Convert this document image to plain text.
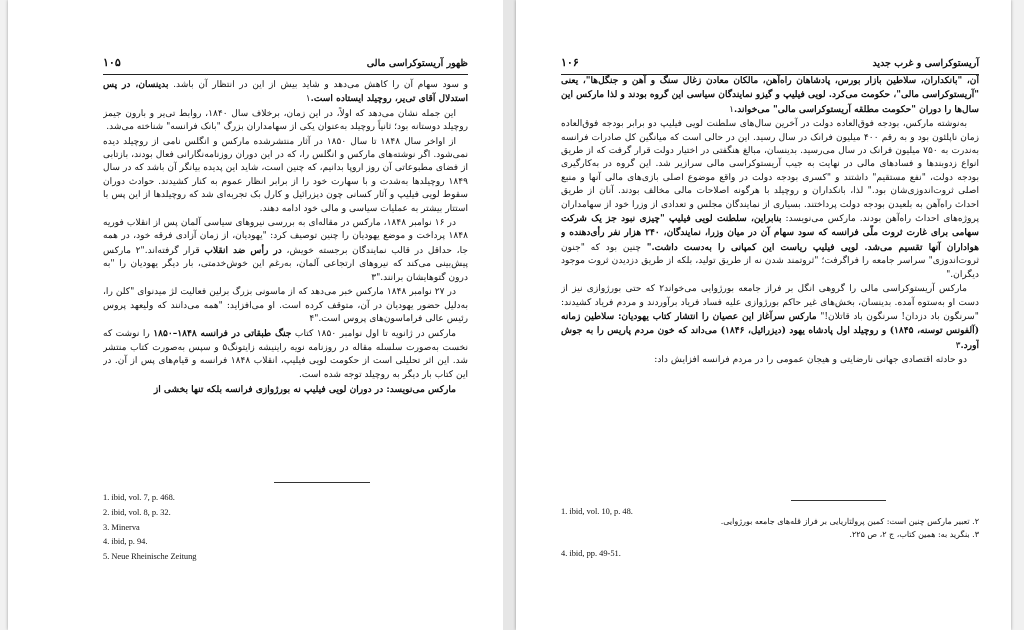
ظهور آریستوکراسی مالی
۱۰۵

و سود سهام آن را کاهش می‌دهد و شاید بیش از این در انتظار آن باشد. بدینسان، در پس استدلال آقای تی‌یر، روچیلد ایستاده است.۱

این جمله نشان می‌دهد که اولاً، در این زمان، برخلاف سال ۱۸۴۰، روابط تی‌یر و بارون جیمز روچیلد دوستانه بود؛ ثانیاً روچیلد به‌عنوان یکی از سهامداران بزرگ "بانک فرانسه" شناخته می‌شد.

از اواخر سال ۱۸۴۸ تا سال ۱۸۵۰ در آثار منتشرشده مارکس و انگلس نامی از روچیلد دیده نمی‌شود. اگر نوشته‌های مارکس و انگلس را، که در این دوران روزنامه‌نگارانی فعال بودند، بازتابی از فضای مطبوعاتی آن روز اروپا بدانیم، که چنین است، شاید این پدیده بیانگر آن باشد که در سال ۱۸۴۹ روچیلدها به‌شدت و با سهارت خود را از برابر انظار عموم به کنار کشیدند. حوادث دوران سقوط لویی فیلیپ و آثار کسانی چون دیزرائیل و کارل بک تجربه‌ای شد که روچیلدها از این پس با استتار بیشتر به عملیات سیاسی و مالی خود ادامه دهند.

در ۱۶ نوامبر ۱۸۴۸، مارکس در مقاله‌ای به بررسی نیروهای سیاسی آلمان پس از انقلاب فوریه ۱۸۴۸ پرداخت و موضع یهودیان را چنین توصیف کرد: "یهودیان، از زمان آزادی فرقه خود، در همه جا، حداقل در قالب نمایندگان برجسته خویش، در رأس ضد انقلاب قرار گرفته‌اند."۲ مارکس پیش‌بینی می‌کند که نیروهای ارتجاعی آلمان، به‌رغم این خوش‌خدمتی، بار دیگر یهودیان را "به درون گتوهایشان برانند."۳

در ۲۷ نوامبر ۱۸۴۸ مارکس خبر می‌دهد که از ماسونی بزرگ برلین فعالیت لژ میدنوای "کلن را، به‌دلیل حضور یهودیان در آن، متوقف کرده است. او می‌افزاید: "همه می‌دانند که ولیعهد پروس رئیس عالی فراماسون‌های پروس است."۴

مارکس در ژانویه تا اول نوامبر ۱۸۵۰ کتاب جنگ طبقاتی در فرانسه ۱۸۴۸–۱۸۵۰ را نوشت که نخست به‌صورت سلسله مقاله در روزنامه نویه راینیشه زایتونگ۵ و سپس به‌صورت کتاب منتشر شد. این اثر تحلیلی است از حکومت لویی فیلیپ، انقلاب ۱۸۴۸ فرانسه و قیام‌های پس از آن. در این کتاب بار دیگر به روچیلد توجه شده است.

مارکس می‌نویسد: در دوران لویی فیلیپ نه بورژوازی فرانسه بلکه تنها بخشی از

1. ibid, vol. 7, p. 468.
2. ibid, vol. 8, p. 32.
3. Minerva
4. ibid, p. 94.
5. Neue Rheinische Zeitung
آریستوکراسی و غرب جدید
۱۰۶

آن، "بانکداران، سلاطین بازار بورس، پادشاهان راه‌آهن، مالکان معادن زغال سنگ و آهن و جنگل‌ها"، یعنی "آریستوکراسی مالی"، حکومت می‌کرد. لویی فیلیپ و گیزو نمایندگان سیاسی این گروه بودند و لذا مارکس این سال‌ها را دوران "حکومت مطلقه آریستوکراسی مالی" می‌خواند.۱

به‌نوشته مارکس، بودجه فوق‌العاده دولت در آخرین سال‌های سلطنت لویی فیلیپ دو برابر بودجه فوق‌العاده زمان ناپلئون بود و به رقم ۴۰۰ میلیون فرانک در سال رسید. این در حالی است که میانگین کل صادرات فرانسه به‌ندرت به ۷۵۰ میلیون فرانک در سال می‌رسید. بدینسان، مبالغ هنگفتی در اختیار دولت قرار گرفت که از طریق انواع زدوبندها و فسادهای مالی در نهایت به جیب آریستوکراسی مالی سرازیر شد. این گروه در به‌کارگیری بودجه دولت، "نفع مستقیم" داشتند و "کسری بودجه دولت در واقع موضوع اصلی بازی‌های مالی آنها و منبع اصلی ثروت‌اندوزی‌شان بود." لذا، بانکداران و روچیلد با هرگونه اصلاحات مالی مخالف بودند. آنان از طریق احداث راه‌آهن به بلعیدن بودجه دولت پرداختند. بسیاری از نمایندگان مجلس و تعدادی از وزرا خود از سهامداران پروژه‌های احداث راه‌آهن بودند. مارکس می‌نویسد: بنابراین، سلطنت لویی فیلیپ "چیزی نبود جز یک شرکت سهامی برای غارت ثروت ملّی فرانسه که سود سهام آن در میان وزرا، نمایندگان، ۲۴۰ هزار نفر رأی‌دهنده و هواداران آنها تقسیم می‌شد. لویی فیلیپ ریاست این کمپانی را به‌دست داشت." چنین بود که "جنون ثروت‌اندوزی" سراسر جامعه را فراگرفت؛ "ثروتمند شدن نه از طریق تولید، بلکه از طریق دزدیدن ثروت موجود دیگران."

مارکس آریستوکراسی مالی را گروهی انگل بر فراز جامعه بورژوایی می‌خواند۲ که حتی بورژوازی نیز از دست او به‌ستوه آمده. بدینسان، بخش‌های غیر حاکم بورژوازی علیه فساد فریاد برآوردند و مردم فریاد کشیدند: "سرنگون باد دزدان! سرنگون باد قاتلان!" مارکس سرآغاز این عصیان را انتشار کتاب یهودیان: سلاطین زمانه (آلفونس توسنه، ۱۸۴۵) و روچیلد اول پادشاه یهود (دیزرائیل، ۱۸۴۶) می‌داند که خون مردم پاریس را به جوش آورد.۳

دو حادثه اقتصادی جهانی نارضایتی و هیجان عمومی را در مردم فرانسه افزایش داد:

1. ibid, vol. 10, p. 48.
۲. تعبیر مارکس چنین است: کمین پرولتاریایی بر فراز قله‌های جامعه بورژوایی.
۳. بنگرید به: همین کتاب، ج ۲، ص ۲۲۵.
4. ibid, pp. 49-51.
